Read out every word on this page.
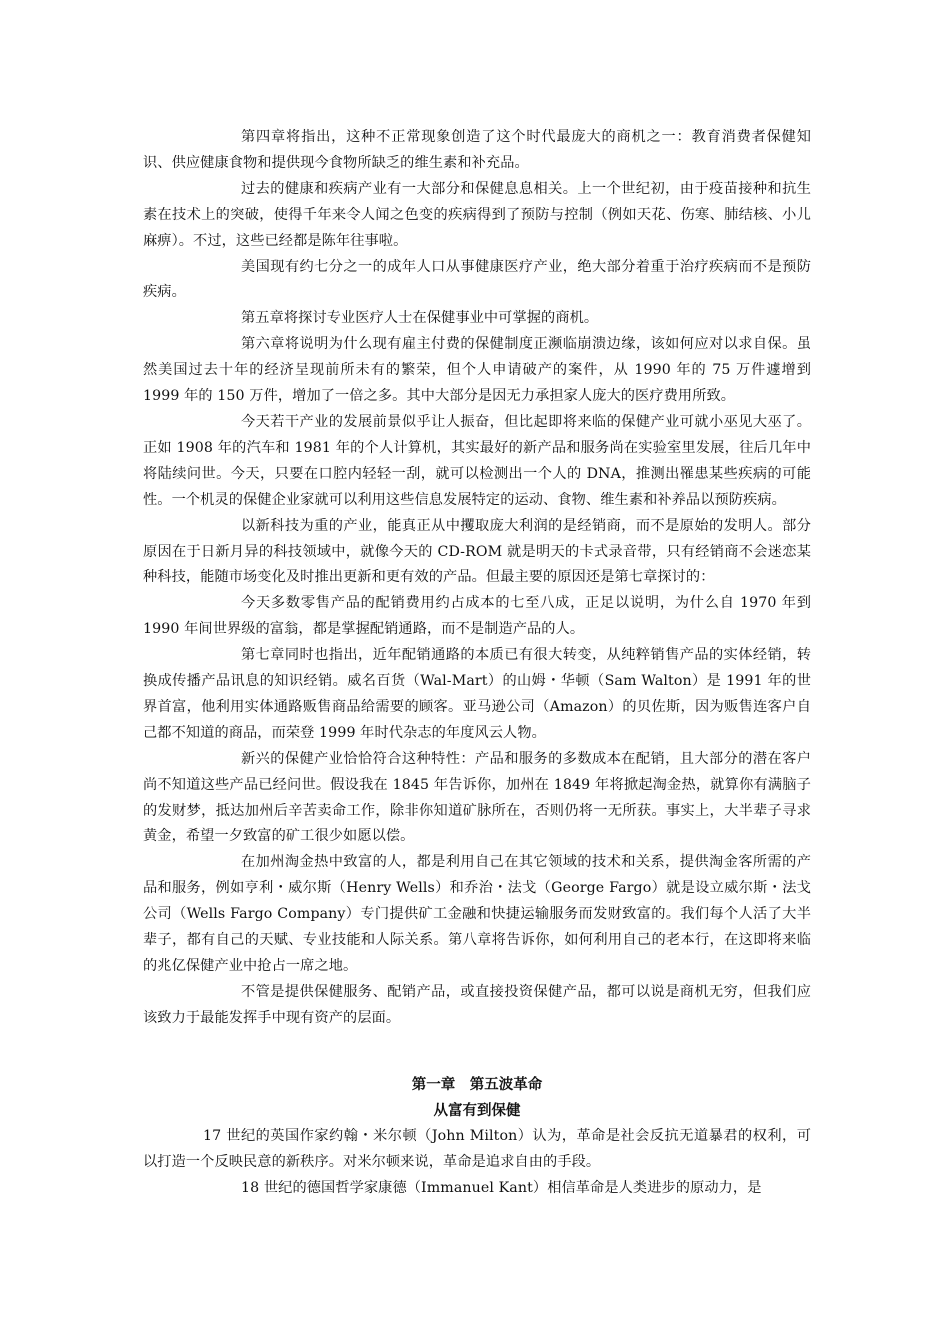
第四章将指出，这种不正常现象创造了这个时代最庞大的商机之一：教育消费者保健知识、供应健康食物和提供现今食物所缺乏的维生素和补充品。

过去的健康和疾病产业有一大部分和保健息息相关。上一个世纪初，由于疫苗接种和抗生素在技术上的突破，使得千年来令人闻之色变的疾病得到了预防与控制（例如天花、伤寒、肺结核、小儿麻痹）。不过，这些已经都是陈年往事啦。

美国现有约七分之一的成年人口从事健康医疗产业，绝大部分着重于治疗疾病而不是预防疾病。

第五章将探讨专业医疗人士在保健事业中可掌握的商机。

第六章将说明为什么现有雇主付费的保健制度正濒临崩溃边缘，该如何应对以求自保。虽然美国过去十年的经济呈现前所未有的繁荣，但个人申请破产的案件，从 1990 年的 75 万件遽增到 1999 年的 150 万件，增加了一倍之多。其中大部分是因无力承担家人庞大的医疗费用所致。

今天若干产业的发展前景似乎让人振奋，但比起即将来临的保健产业可就小巫见大巫了。正如 1908 年的汽车和 1981 年的个人计算机，其实最好的新产品和服务尚在实验室里发展，往后几年中将陆续问世。今天，只要在口腔内轻轻一刮，就可以检测出一个人的 DNA，推测出罹患某些疾病的可能性。一个机灵的保健企业家就可以利用这些信息发展特定的运动、食物、维生素和补养品以预防疾病。

以新科技为重的产业，能真正从中攫取庞大利润的是经销商，而不是原始的发明人。部分原因在于日新月异的科技领域中，就像今天的 CD-ROM 就是明天的卡式录音带，只有经销商不会迷恋某种科技，能随市场变化及时推出更新和更有效的产品。但最主要的原因还是第七章探讨的：

今天多数零售产品的配销费用约占成本的七至八成，正足以说明，为什么自 1970 年到 1990 年间世界级的富翁，都是掌握配销通路，而不是制造产品的人。

第七章同时也指出，近年配销通路的本质已有很大转变，从纯粹销售产品的实体经销，转换成传播产品讯息的知识经销。威名百货（Wal-Mart）的山姆・华顿（Sam Walton）是 1991 年的世界首富，他利用实体通路贩售商品给需要的顾客。亚马逊公司（Amazon）的贝佐斯，因为贩售连客户自己都不知道的商品，而荣登 1999 年时代杂志的年度风云人物。

新兴的保健产业恰恰符合这种特性：产品和服务的多数成本在配销，且大部分的潜在客户尚不知道这些产品已经问世。假设我在 1845 年告诉你，加州在 1849 年将掀起淘金热，就算你有满脑子的发财梦，抵达加州后辛苦卖命工作，除非你知道矿脉所在，否则仍将一无所获。事实上，大半辈子寻求黄金，希望一夕致富的矿工很少如愿以偿。

在加州淘金热中致富的人，都是利用自己在其它领域的技术和关系，提供淘金客所需的产品和服务，例如亨利・威尔斯（Henry Wells）和乔治・法戈（George Fargo）就是设立威尔斯・法戈公司（Wells Fargo Company）专门提供矿工金融和快捷运输服务而发财致富的。我们每个人活了大半辈子，都有自己的天赋、专业技能和人际关系。第八章将告诉你，如何利用自己的老本行，在这即将来临的兆亿保健产业中抢占一席之地。

不管是提供保健服务、配销产品，或直接投资保健产品，都可以说是商机无穷，但我们应该致力于最能发挥手中现有资产的层面。

第一章　第五波革命
从富有到保健

17 世纪的英国作家约翰・米尔顿（John Milton）认为，革命是社会反抗无道暴君的权利，可以打造一个反映民意的新秩序。对米尔顿来说，革命是追求自由的手段。

18 世纪的德国哲学家康德（Immanuel Kant）相信革命是人类进步的原动力，是
